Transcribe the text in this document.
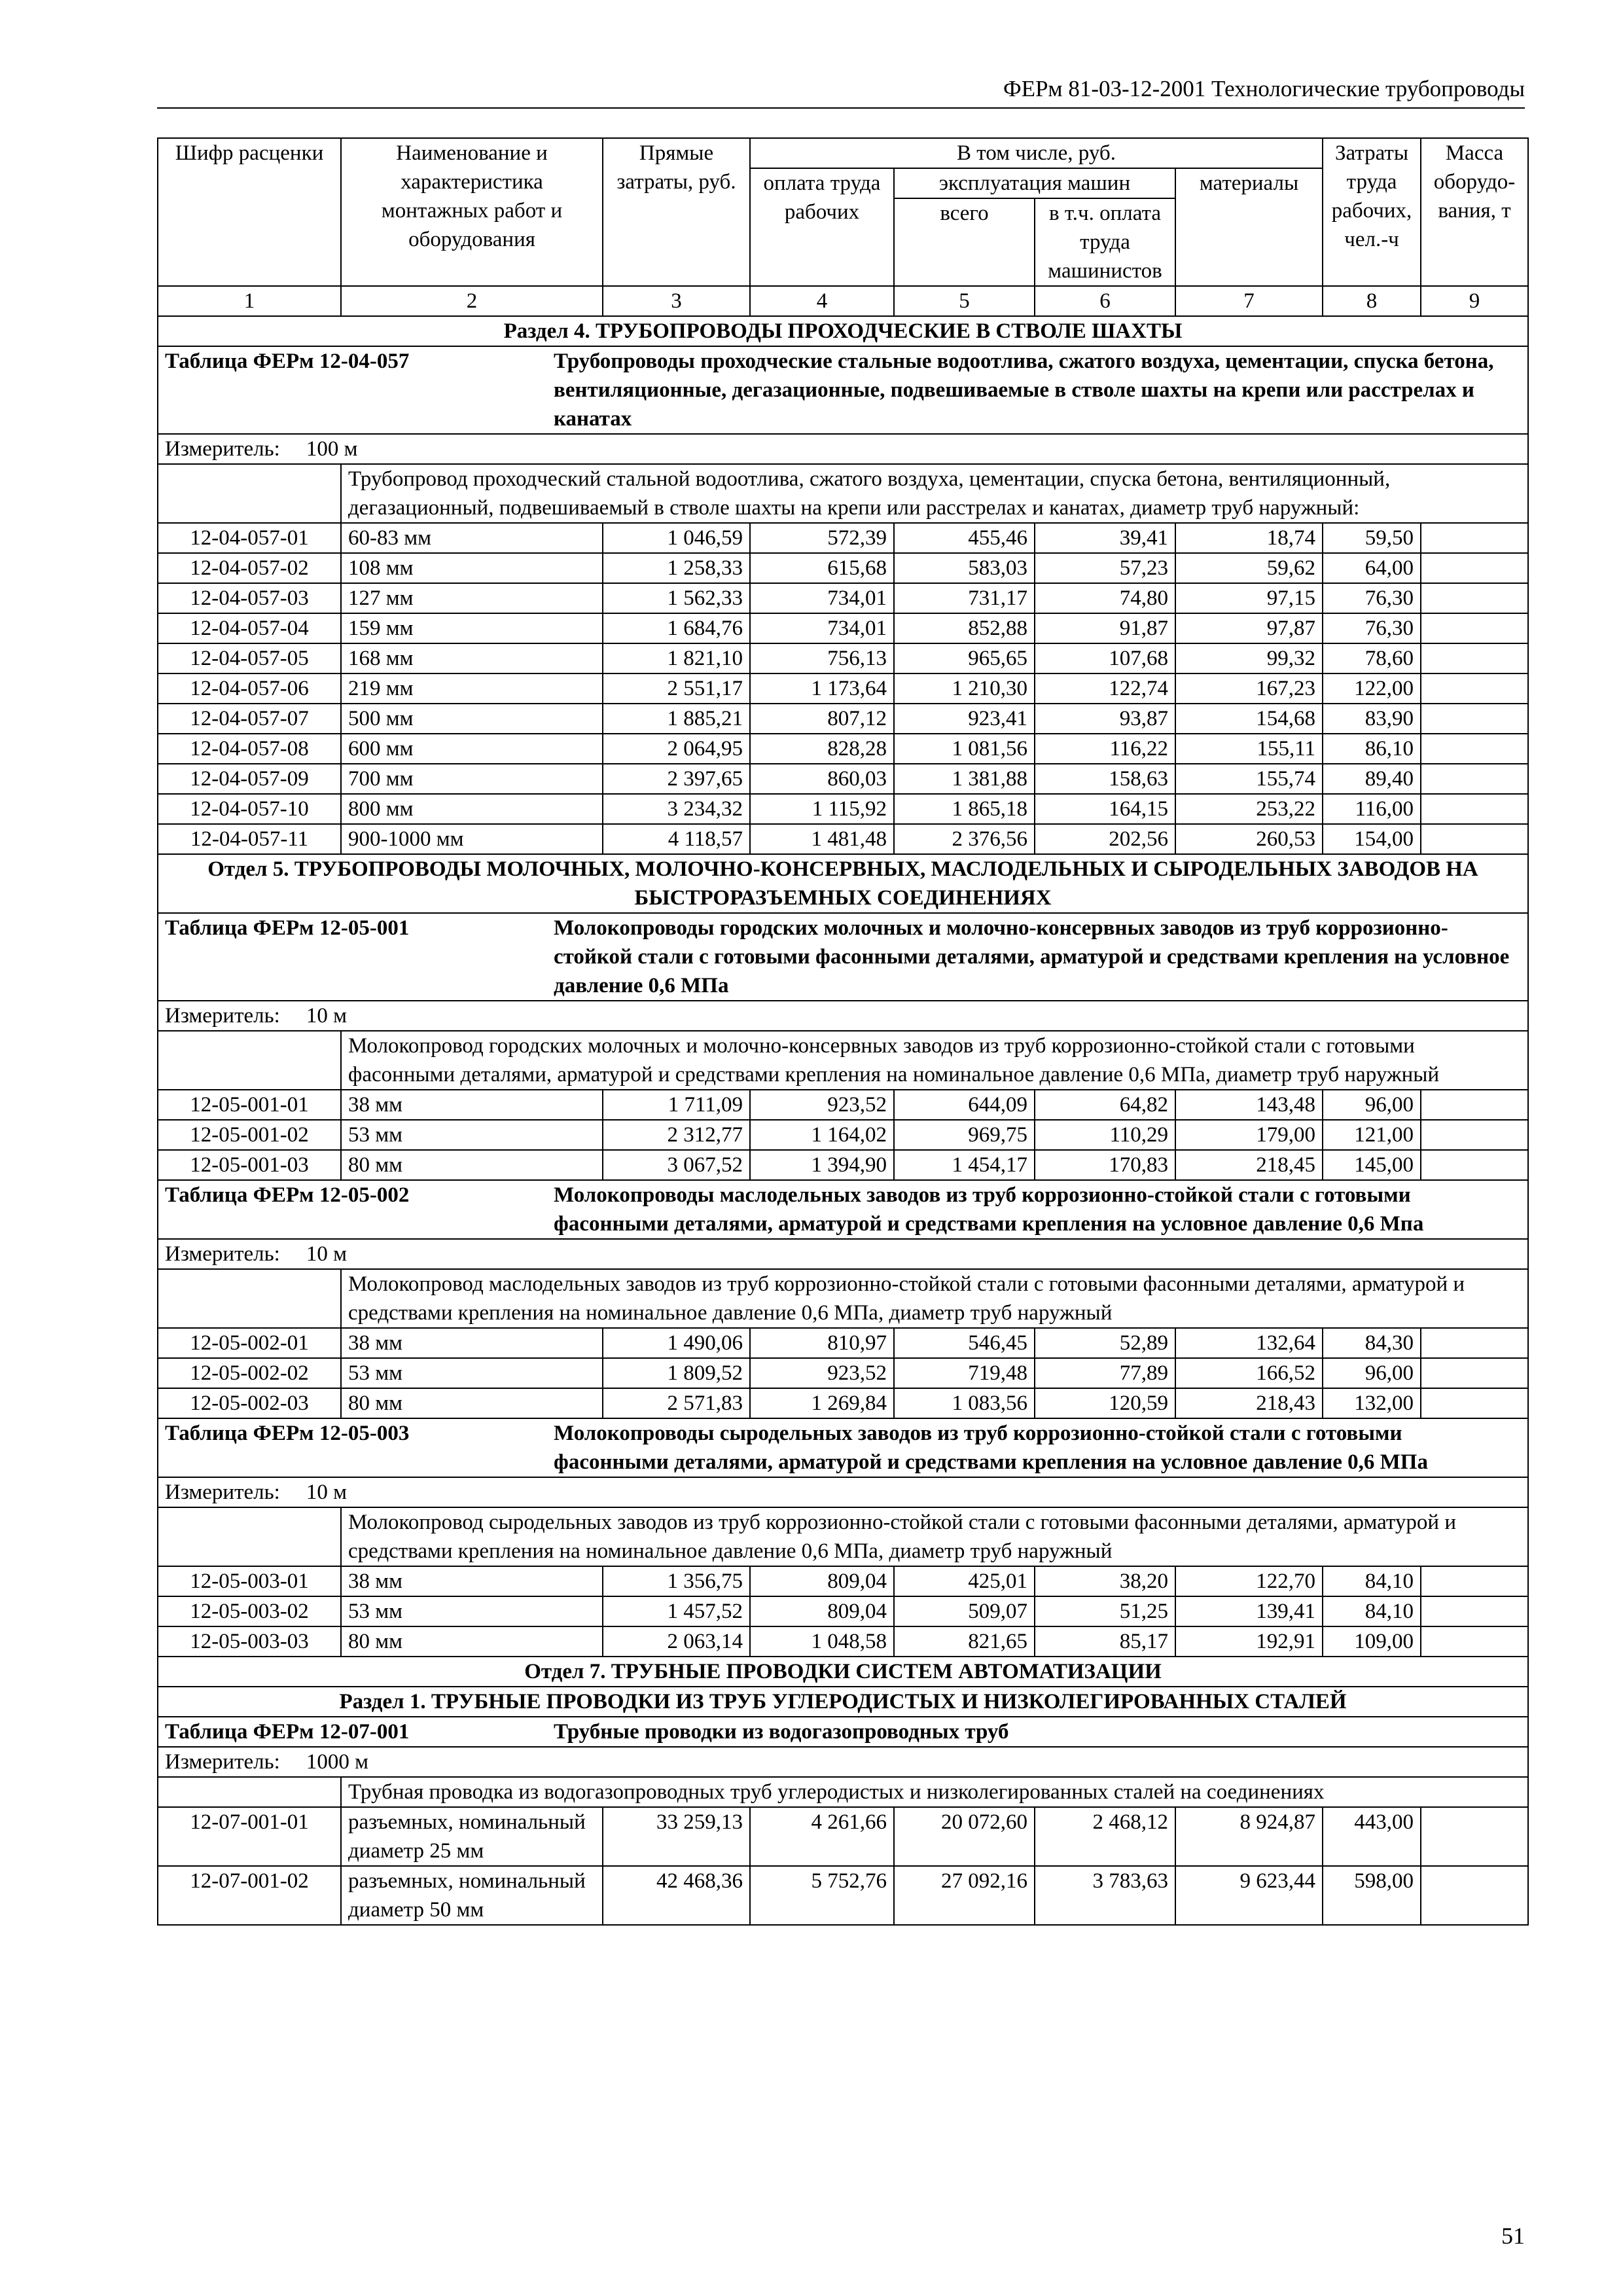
ФЕРм 81-03-12-2001 Технологические трубопроводы
Шифр расценки	Наименование и характеристика монтажных работ и оборудования	Прямые затраты, руб.	В том числе, руб.				Затраты труда рабочих, чел.-ч	Масса оборудо-вания, т
			оплата труда рабочих	эксплуатация машин		материалы		
				всего	в т.ч. оплата труда машинистов			
1	2	3	4	5	6	7	8	9
Раздел 4. ТРУБОПРОВОДЫ ПРОХОДЧЕСКИЕ В СТВОЛЕ ШАХТЫ								
Таблица ФЕРм 12-04-057 Трубопроводы проходческие стальные водоотлива, сжатого воздуха, цементации, спуска бетона, вентиляционные, дегазационные, подвешиваемые в стволе шахты на крепи или расстрелах и канатах								
Измеритель: 100 м								
	Трубопровод проходческий стальной водоотлива, сжатого воздуха, цементации, спуска бетона, вентиляционный, дегазационный, подвешиваемый в стволе шахты на крепи или расстрелах и канатах, диаметр труб наружный:							
12-04-057-01	60-83 мм	1 046,59	572,39	455,46	39,41	18,74	59,50	
12-04-057-02	108 мм	1 258,33	615,68	583,03	57,23	59,62	64,00	
12-04-057-03	127 мм	1 562,33	734,01	731,17	74,80	97,15	76,30	
12-04-057-04	159 мм	1 684,76	734,01	852,88	91,87	97,87	76,30	
12-04-057-05	168 мм	1 821,10	756,13	965,65	107,68	99,32	78,60	
12-04-057-06	219 мм	2 551,17	1 173,64	1 210,30	122,74	167,23	122,00	
12-04-057-07	500 мм	1 885,21	807,12	923,41	93,87	154,68	83,90	
12-04-057-08	600 мм	2 064,95	828,28	1 081,56	116,22	155,11	86,10	
12-04-057-09	700 мм	2 397,65	860,03	1 381,88	158,63	155,74	89,40	
12-04-057-10	800 мм	3 234,32	1 115,92	1 865,18	164,15	253,22	116,00	
12-04-057-11	900-1000 мм	4 118,57	1 481,48	2 376,56	202,56	260,53	154,00	
Отдел 5. ТРУБОПРОВОДЫ МОЛОЧНЫХ, МОЛОЧНО-КОНСЕРВНЫХ, МАСЛОДЕЛЬНЫХ И СЫРОДЕЛЬНЫХ ЗАВОДОВ НА БЫСТРОРАЗЪЕМНЫХ СОЕДИНЕНИЯХ								
Таблица ФЕРм 12-05-001 Молокопроводы городских молочных и молочно-консервных заводов из труб коррозионно-стойкой стали с готовыми фасонными деталями, арматурой и средствами крепления на условное давление 0,6 МПа								
Измеритель: 10 м								
	Молокопровод городских молочных и молочно-консервных заводов из труб коррозионно-стойкой стали с готовыми фасонными деталями, арматурой и средствами крепления на номинальное давление 0,6 МПа, диаметр труб наружный							
12-05-001-01	38 мм	1 711,09	923,52	644,09	64,82	143,48	96,00	
12-05-001-02	53 мм	2 312,77	1 164,02	969,75	110,29	179,00	121,00	
12-05-001-03	80 мм	3 067,52	1 394,90	1 454,17	170,83	218,45	145,00	
Таблица ФЕРм 12-05-002 Молокопроводы маслодельных заводов из труб коррозионно-стойкой стали с готовыми фасонными деталями, арматурой и средствами крепления на условное давление 0,6 Мпа								
Измеритель: 10 м								
	Молокопровод маслодельных заводов из труб коррозионно-стойкой стали с готовыми фасонными деталями, арматурой и средствами крепления на номинальное давление 0,6 МПа, диаметр труб наружный							
12-05-002-01	38 мм	1 490,06	810,97	546,45	52,89	132,64	84,30	
12-05-002-02	53 мм	1 809,52	923,52	719,48	77,89	166,52	96,00	
12-05-002-03	80 мм	2 571,83	1 269,84	1 083,56	120,59	218,43	132,00	
Таблица ФЕРм 12-05-003 Молокопроводы сыродельных заводов из труб коррозионно-стойкой стали с готовыми фасонными деталями, арматурой и средствами крепления на условное давление 0,6 МПа								
Измеритель: 10 м								
	Молокопровод сыродельных заводов из труб коррозионно-стойкой стали с готовыми фасонными деталями, арматурой и средствами крепления на номинальное давление 0,6 МПа, диаметр труб наружный							
12-05-003-01	38 мм	1 356,75	809,04	425,01	38,20	122,70	84,10	
12-05-003-02	53 мм	1 457,52	809,04	509,07	51,25	139,41	84,10	
12-05-003-03	80 мм	2 063,14	1 048,58	821,65	85,17	192,91	109,00	
Отдел 7. ТРУБНЫЕ ПРОВОДКИ СИСТЕМ АВТОМАТИЗАЦИИ								
Раздел 1. ТРУБНЫЕ ПРОВОДКИ ИЗ ТРУБ УГЛЕРОДИСТЫХ И НИЗКОЛЕГИРОВАННЫХ СТАЛЕЙ								
Таблица ФЕРм 12-07-001 Трубные проводки из водогазопроводных труб								
Измеритель: 1000 м								
	Трубная проводка из водогазопроводных труб углеродистых и низколегированных сталей на соединениях							
12-07-001-01	разъемных, номинальный диаметр 25 мм	33 259,13	4 261,66	20 072,60	2 468,12	8 924,87	443,00	
12-07-001-02	разъемных, номинальный диаметр 50 мм	42 468,36	5 752,76	27 092,16	3 783,63	9 623,44	598,00	
51
